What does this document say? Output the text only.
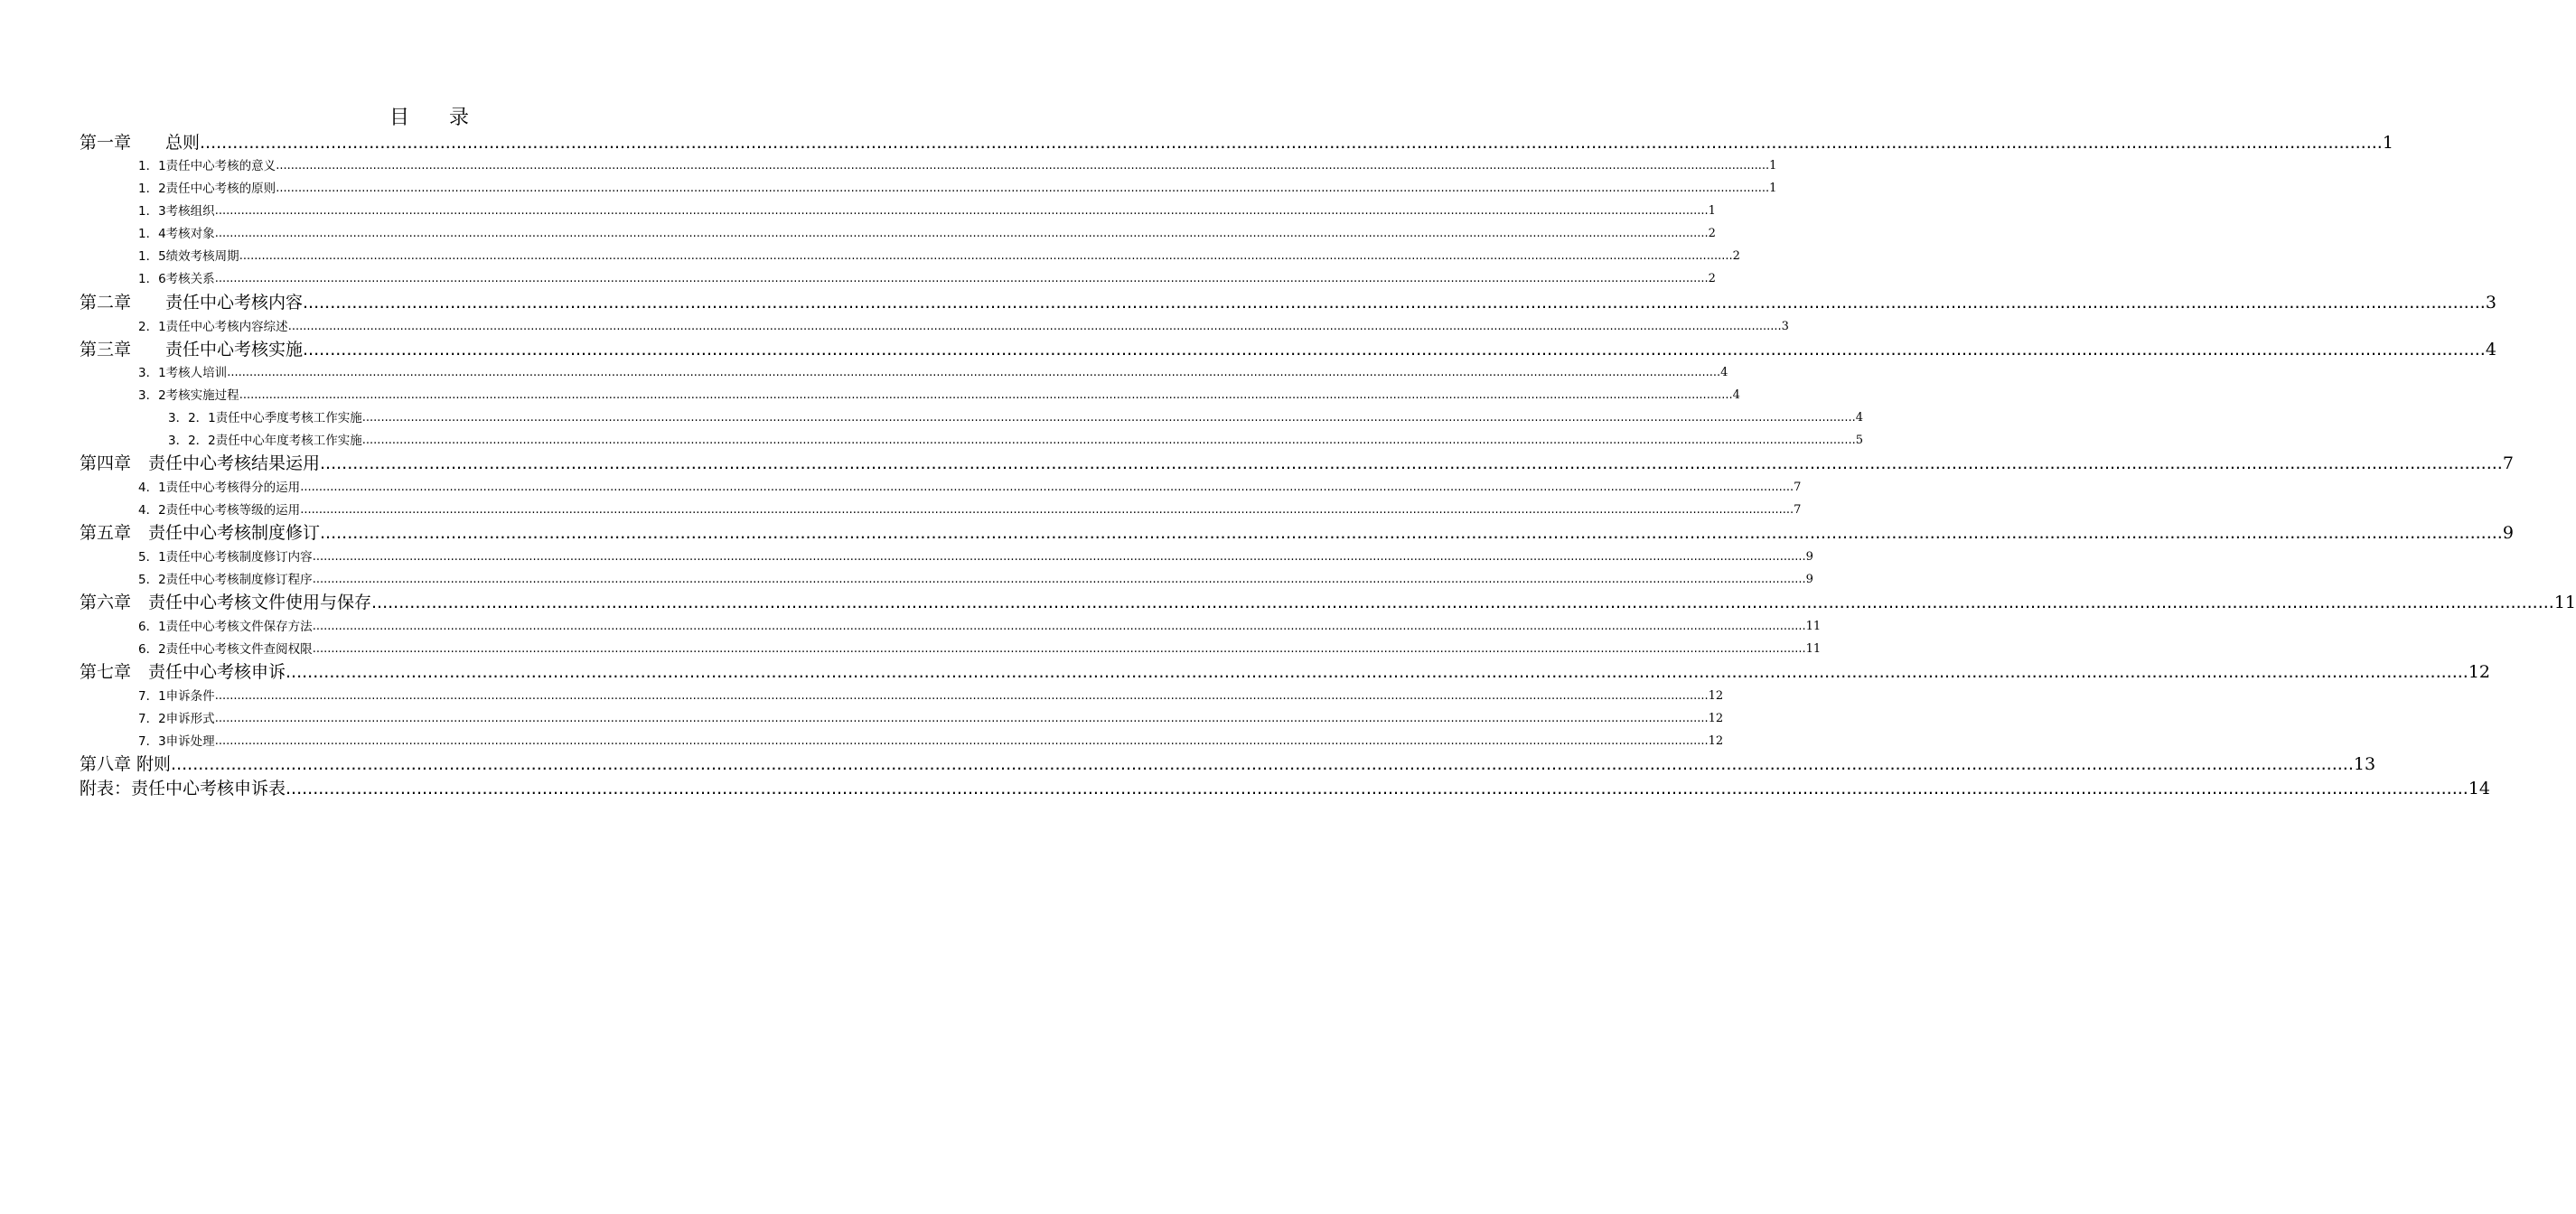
目　　录
第一章　　总则 ................................................................................................................................................................................................................................................................................................................................................................................................................ 1
1．1责任中心考核的意义 ................................................................................................................................................................................................................................................................................................................................................................................................................ 1
1．2责任中心考核的原则 ................................................................................................................................................................................................................................................................................................................................................................................................................ 1
1．3考核组织 ................................................................................................................................................................................................................................................................................................................................................................................................................ 1
1．4考核对象 ................................................................................................................................................................................................................................................................................................................................................................................................................ 2
1．5绩效考核周期 ................................................................................................................................................................................................................................................................................................................................................................................................................ 2
1．6考核关系 ................................................................................................................................................................................................................................................................................................................................................................................................................ 2
第二章　　责任中心考核内容 ................................................................................................................................................................................................................................................................................................................................................................................................................ 3
2．1责任中心考核内容综述 ................................................................................................................................................................................................................................................................................................................................................................................................................ 3
第三章　　责任中心考核实施 ................................................................................................................................................................................................................................................................................................................................................................................................................ 4
3．1考核人培训 ................................................................................................................................................................................................................................................................................................................................................................................................................ 4
3．2考核实施过程 ................................................................................................................................................................................................................................................................................................................................................................................................................ 4
3．2．1责任中心季度考核工作实施 ................................................................................................................................................................................................................................................................................................................................................................................................................ 4
3．2．2责任中心年度考核工作实施 ................................................................................................................................................................................................................................................................................................................................................................................................................ 5
第四章　责任中心考核结果运用 ................................................................................................................................................................................................................................................................................................................................................................................................................ 7
4．1责任中心考核得分的运用 ................................................................................................................................................................................................................................................................................................................................................................................................................ 7
4．2责任中心考核等级的运用 ................................................................................................................................................................................................................................................................................................................................................................................................................ 7
第五章　责任中心考核制度修订 ................................................................................................................................................................................................................................................................................................................................................................................................................ 9
5．1责任中心考核制度修订内容 ................................................................................................................................................................................................................................................................................................................................................................................................................ 9
5．2责任中心考核制度修订程序 ................................................................................................................................................................................................................................................................................................................................................................................................................ 9
第六章　责任中心考核文件使用与保存 ................................................................................................................................................................................................................................................................................................................................................................................................................ 11
6．1责任中心考核文件保存方法 ................................................................................................................................................................................................................................................................................................................................................................................................................ 11
6．2责任中心考核文件查阅权限 ................................................................................................................................................................................................................................................................................................................................................................................................................ 11
第七章　责任中心考核申诉 ................................................................................................................................................................................................................................................................................................................................................................................................................ 12
7．1申诉条件 ................................................................................................................................................................................................................................................................................................................................................................................................................ 12
7．2申诉形式 ................................................................................................................................................................................................................................................................................................................................................................................................................ 12
7．3申诉处理 ................................................................................................................................................................................................................................................................................................................................................................................................................ 12
第八章 附则 ................................................................................................................................................................................................................................................................................................................................................................................................................ 13
附表：责任中心考核申诉表 ................................................................................................................................................................................................................................................................................................................................................................................................................ 14
